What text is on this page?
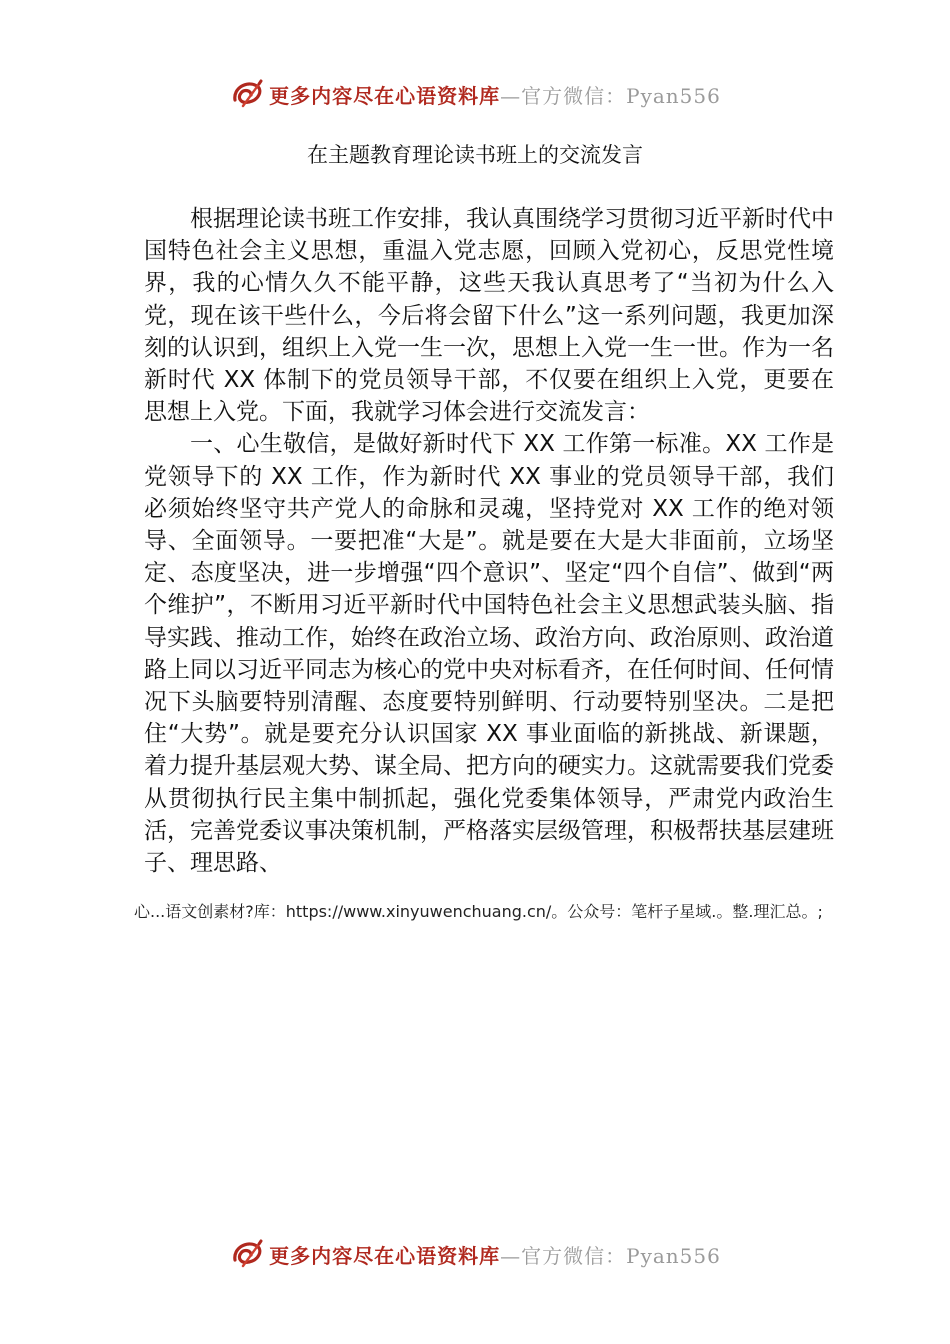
更多内容尽在心语资料库—官方微信：Pyan556
在主题教育理论读书班上的交流发言

根据理论读书班工作安排，我认真围绕学习贯彻习近平新时代中国特色社会主义思想，重温入党志愿，回顾入党初心，反思党性境界，我的心情久久不能平静，这些天我认真思考了“当初为什么入党，现在该干些什么，今后将会留下什么”这一系列问题，我更加深刻的认识到，组织上入党一生一次，思想上入党一生一世。作为一名新时代 XX 体制下的党员领导干部，不仅要在组织上入党，更要在思想上入党。下面，我就学习体会进行交流发言：

一、心生敬信，是做好新时代下 XX 工作第一标准。XX 工作是党领导下的 XX 工作，作为新时代 XX 事业的党员领导干部，我们必须始终坚守共产党人的命脉和灵魂，坚持党对 XX 工作的绝对领导、全面领导。一要把准“大是”。就是要在大是大非面前，立场坚定、态度坚决，进一步增强“四个意识”、坚定“四个自信”、做到“两个维护”，不断用习近平新时代中国特色社会主义思想武装头脑、指导实践、推动工作，始终在政治立场、政治方向、政治原则、政治道路上同以习近平同志为核心的党中央对标看齐，在任何时间、任何情况下头脑要特别清醒、态度要特别鲜明、行动要特别坚决。二是把住“大势”。就是要充分认识国家 XX 事业面临的新挑战、新课题，着力提升基层观大势、谋全局、把方向的硬实力。这就需要我们党委从贯彻执行民主集中制抓起，强化党委集体领导，严肃党内政治生活，完善党委议事决策机制，严格落实层级管理，积极帮扶基层建班子、理思路、

心...语文创素材?库：https://www.xinyuwenchuang.cn/。公众号：笔杆子星域.。整.理汇总。;
更多内容尽在心语资料库—官方微信：Pyan556
